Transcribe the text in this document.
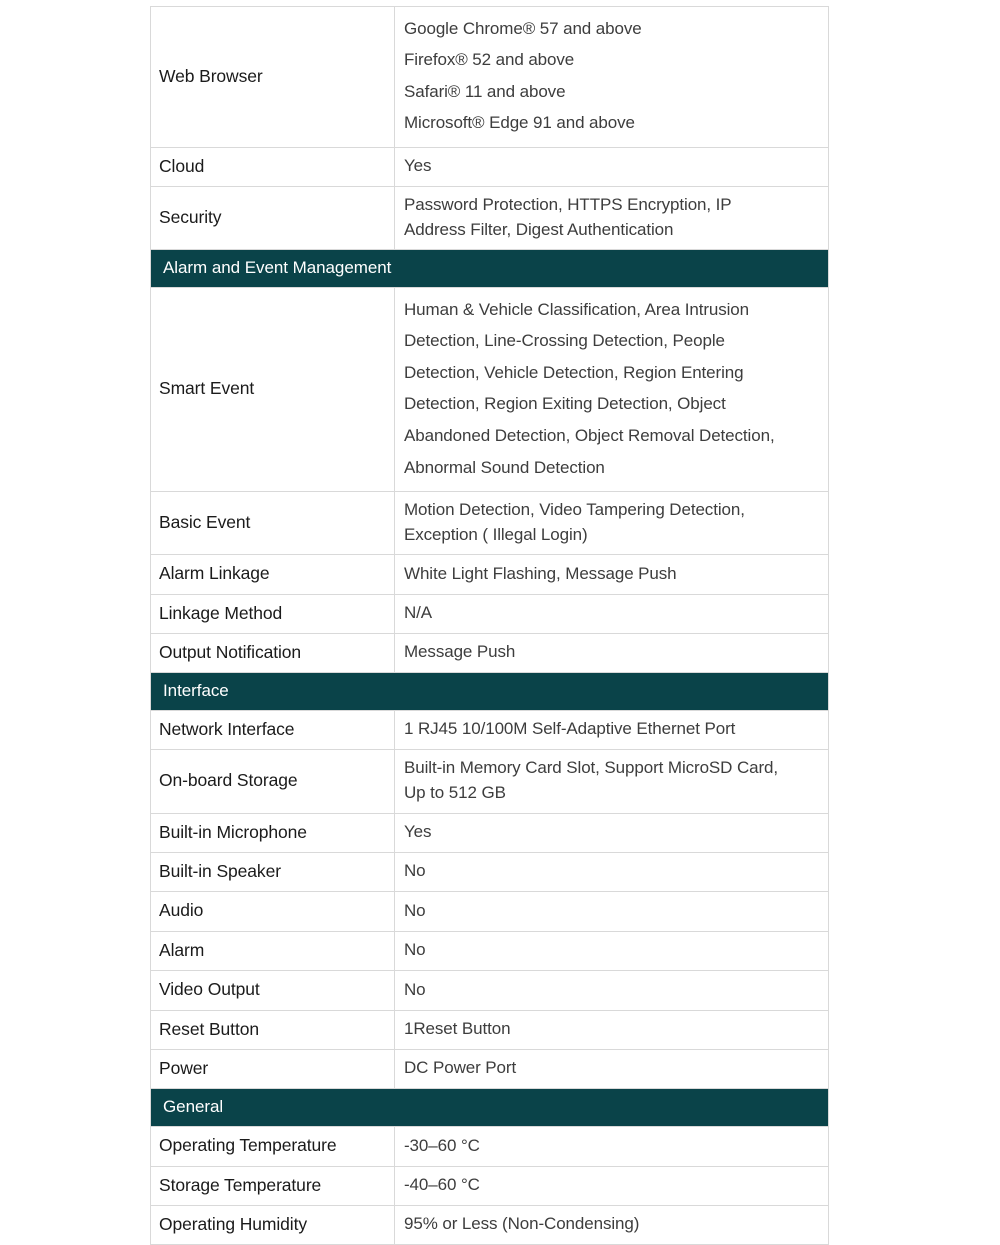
Web Browser	Google Chrome® 57 and above
Firefox® 52 and above
Safari® 11 and above
Microsoft® Edge 91 and above

Cloud	Yes

Security	Password Protection, HTTPS Encryption, IP
Address Filter, Digest Authentication

Alarm and Event Management	
Smart Event	
Human & Vehicle Classification, Area Intrusion
Detection, Line-Crossing Detection, People
Detection, Vehicle Detection, Region Entering
Detection, Region Exiting Detection, Object
Abandoned Detection, Object Removal Detection,
Abnormal Sound Detection

Basic Event	Motion Detection, Video Tampering Detection,
Exception ( Illegal Login)

Alarm Linkage	White Light Flashing, Message Push

Linkage Method	N/A

Output Notification	Message Push

Interface	
Network Interface	1 RJ45 10/100M Self-Adaptive Ethernet Port

On-board Storage	Built-in Memory Card Slot, Support MicroSD Card,
Up to 512 GB

Built-in Microphone	Yes

Built-in Speaker	No

Audio	No

Alarm	No

Video Output	No

Reset Button	1Reset Button

Power	DC Power Port

General	
Operating Temperature	-30–60 °C

Storage Temperature	-40–60 °C

Operating Humidity	95% or Less (Non-Condensing)
